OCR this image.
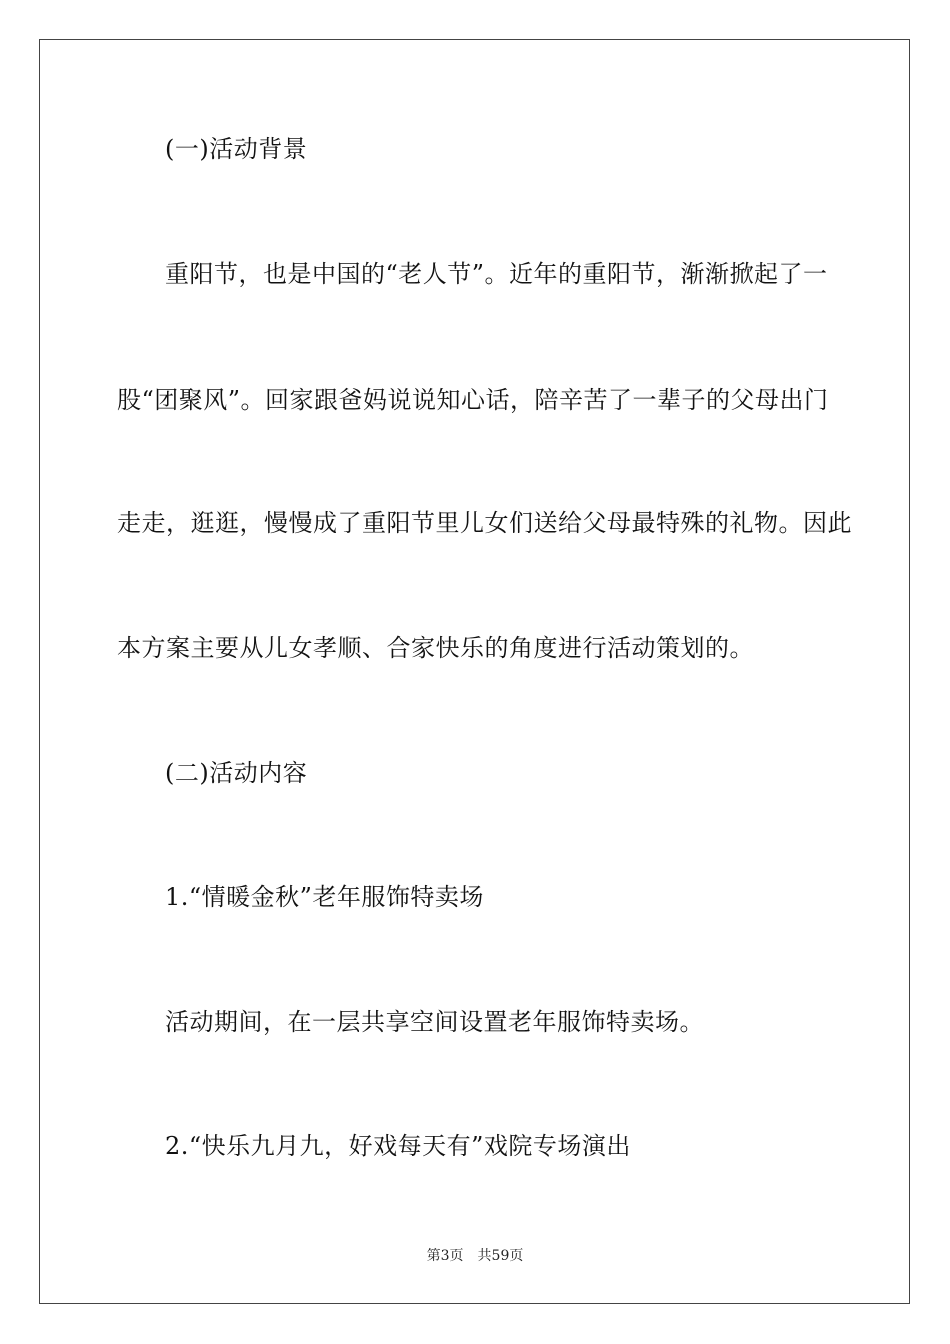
(一)活动背景
重阳节，也是中国的“老人节”。近年的重阳节，渐渐掀起了一
股“团聚风”。回家跟爸妈说说知心话，陪辛苦了一辈子的父母出门
走走，逛逛，慢慢成了重阳节里儿女们送给父母最特殊的礼物。因此
本方案主要从儿女孝顺、合家快乐的角度进行活动策划的。
(二)活动内容
1.“情暖金秋”老年服饰特卖场
活动期间，在一层共享空间设置老年服饰特卖场。
2.“快乐九月九，好戏每天有”戏院专场演出
第3页 共59页
